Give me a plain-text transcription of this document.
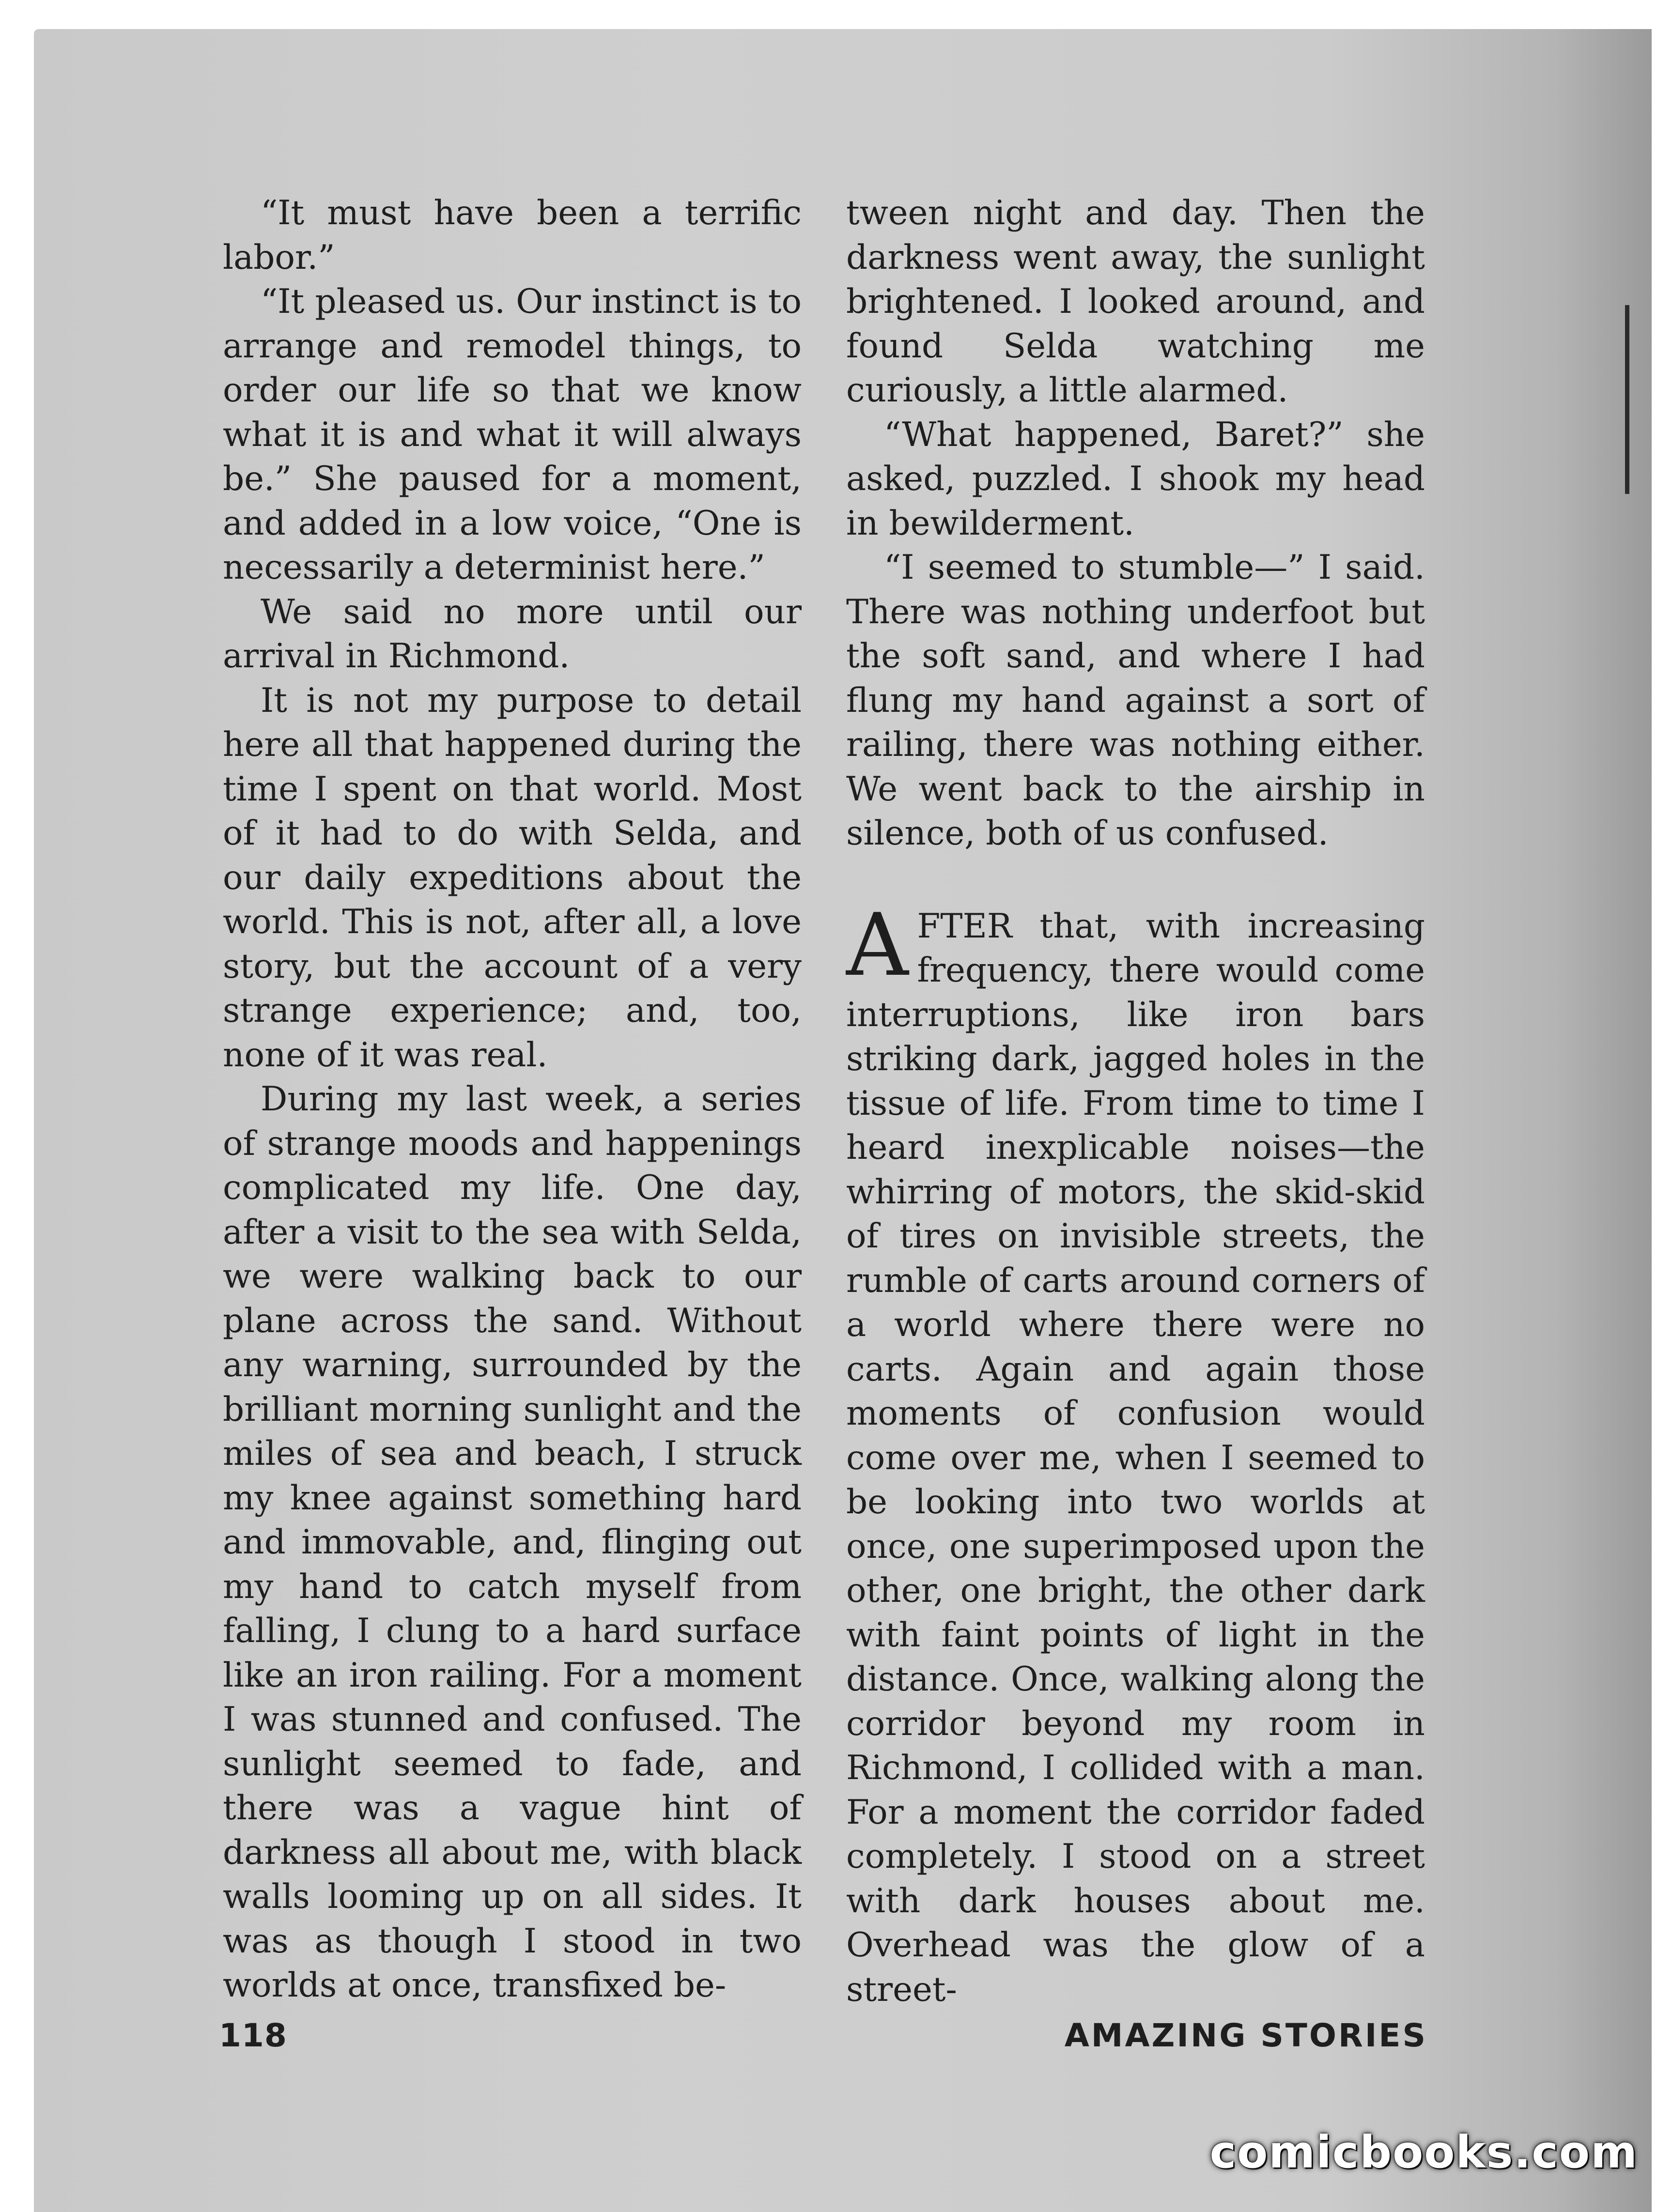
“It must have been a terrific labor.”

“It pleased us. Our instinct is to arrange and remodel things, to order our life so that we know what it is and what it will always be.” She paused for a moment, and added in a low voice, “One is necessarily a determinist here.”

We said no more until our arrival in Richmond.

It is not my purpose to detail here all that happened during the time I spent on that world. Most of it had to do with Selda, and our daily expeditions about the world. This is not, after all, a love story, but the account of a very strange experience; and, too, none of it was real.

During my last week, a series of strange moods and happenings complicated my life. One day, after a visit to the sea with Selda, we were walking back to our plane across the sand. Without any warning, surrounded by the brilliant morning sunlight and the miles of sea and beach, I struck my knee against something hard and immovable, and, flinging out my hand to catch myself from falling, I clung to a hard surface like an iron railing. For a moment I was stunned and confused. The sunlight seemed to fade, and there was a vague hint of darkness all about me, with black walls looming up on all sides. It was as though I stood in two worlds at once, transfixed be-

tween night and day. Then the darkness went away, the sunlight brightened. I looked around, and found Selda watching me curiously, a little alarmed.

“What happened, Baret?” she asked, puzzled. I shook my head in bewilderment.

“I seemed to stumble—” I said. There was nothing underfoot but the soft sand, and where I had flung my hand against a sort of railing, there was nothing either. We went back to the airship in silence, both of us confused.

AFTER that, with increasing frequency, there would come interruptions, like iron bars striking dark, jagged holes in the tissue of life. From time to time I heard inexplicable noises—the whirring of motors, the skid-skid of tires on invisible streets, the rumble of carts around corners of a world where there were no carts. Again and again those moments of confusion would come over me, when I seemed to be looking into two worlds at once, one superimposed upon the other, one bright, the other dark with faint points of light in the distance. Once, walking along the corridor beyond my room in Richmond, I collided with a man. For a moment the corridor faded completely. I stood on a street with dark houses about me. Overhead was the glow of a street-

118	AMAZING STORIES
comicbooks.com
